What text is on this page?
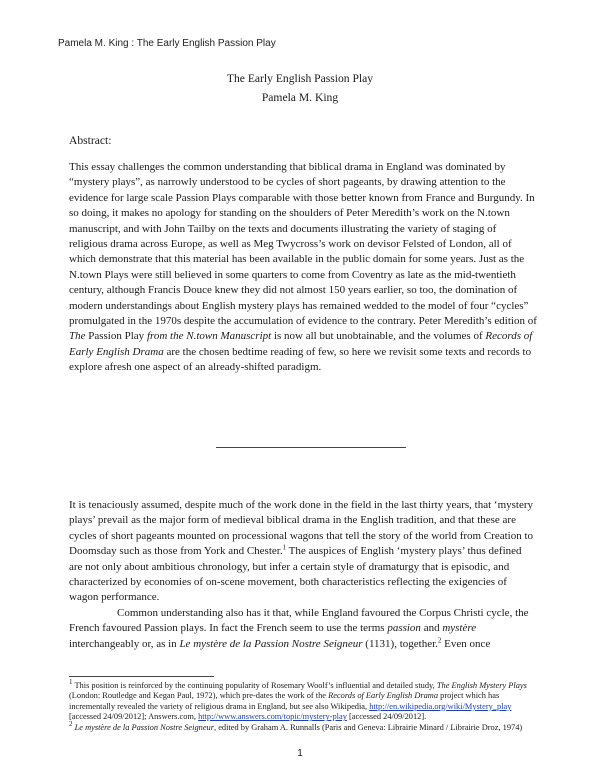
Pamela M. King : The Early English Passion Play
The Early English Passion Play
Pamela M. King
Abstract:
This essay challenges the common understanding that biblical drama in England was dominated by “mystery plays”, as narrowly understood to be cycles of short pageants, by drawing attention to the evidence for large scale Passion Plays comparable with those better known from France and Burgundy. In so doing, it makes no apology for standing on the shoulders of Peter Meredith’s work on the N.town manuscript, and with John Tailby on the texts and documents illustrating the variety of staging of religious drama across Europe, as well as Meg Twycross’s work on devisor Felsted of London, all of which demonstrate that this material has been available in the public domain for some years. Just as the N.town Plays were still believed in some quarters to come from Coventry as late as the mid-twentieth century, although Francis Douce knew they did not almost 150 years earlier, so too, the domination of modern understandings about English mystery plays has remained wedded to the model of four “cycles” promulgated in the 1970s despite the accumulation of evidence to the contrary. Peter Meredith’s edition of The Passion Play from the N.town Manuscript is now all but unobtainable, and the volumes of Records of Early English Drama are the chosen bedtime reading of few, so here we revisit some texts and records to explore afresh one aspect of an already-shifted paradigm.

It is tenaciously assumed, despite much of the work done in the field in the last thirty years, that ‘mystery plays’ prevail as the major form of medieval biblical drama in the English tradition, and that these are cycles of short pageants mounted on processional wagons that tell the story of the world from Creation to Doomsday such as those from York and Chester.$^1$ The auspices of English ‘mystery plays’ thus defined are not only about ambitious chronology, but infer a certain style of dramaturgy that is episodic, and characterized by economies of on-scene movement, both characteristics reflecting the exigencies of wagon performance.

Common understanding also has it that, while England favoured the Corpus Christi cycle, the French favoured Passion plays. In fact the French seem to use the terms passion and mystère interchangeably or, as in Le mystère de la Passion Nostre Seigneur (1131), together.$^2$ Even once

$^1$ This position is reinforced by the continuing popularity of Rosemary Woolf’s influential and detailed study, The English Mystery Plays (London: Routledge and Kegan Paul, 1972), which pre-dates the work of the Records of Early English Drama project which has incrementally revealed the variety of religious drama in England, but see also Wikipedia, http://en.wikipedia.org/wiki/Mystery_play [accessed 24/09/2012]; Answers.com, http://www.answers.com/topic/mystery-play [accessed 24/09/2012].

$^2$ Le mystère de la Passion Nostre Seigneur, edited by Graham A. Runnalls (Paris and Geneva: Librairie Minard / Librairie Droz, 1974)

1
